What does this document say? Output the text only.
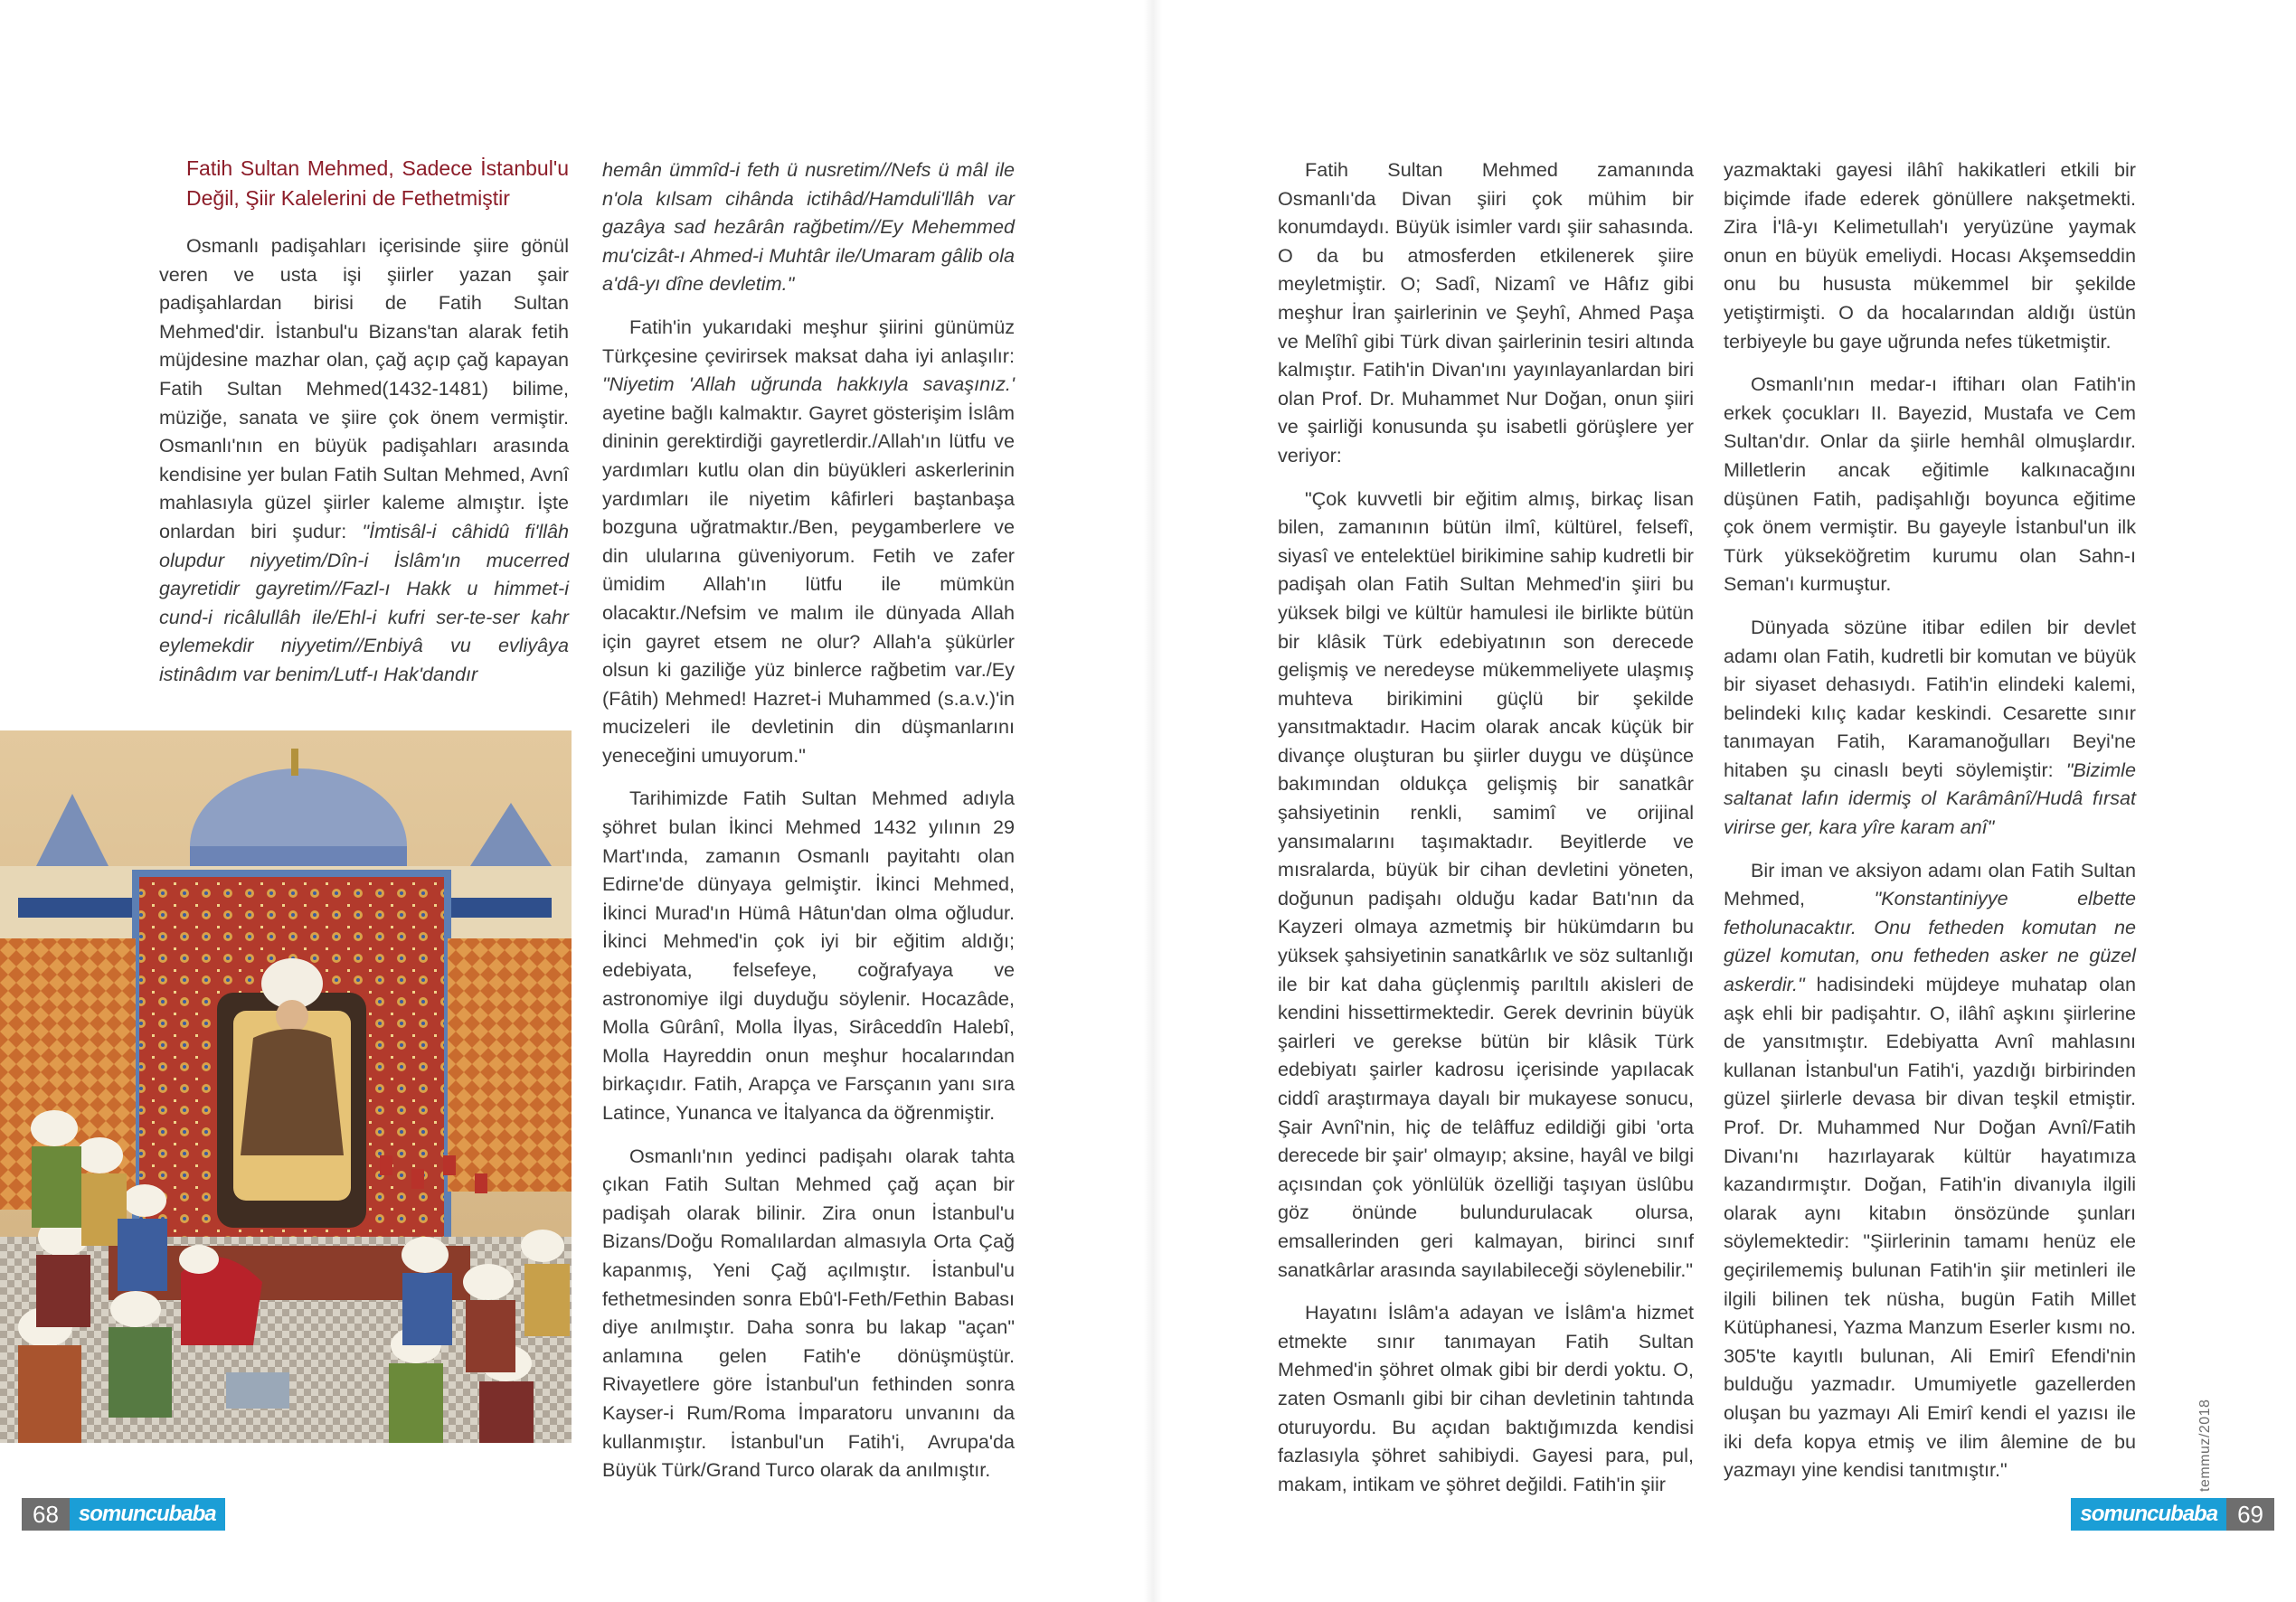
Fatih Sultan Mehmed, Sadece İstanbul'u Değil, Şiir Kalelerini de Fethetmiştir

Osmanlı padişahları içerisinde şiire gönül veren ve usta işi şiirler yazan şair padişahlardan birisi de Fatih Sultan Mehmed'dir. İstanbul'u Bizans'tan alarak fetih müjdesine mazhar olan, çağ açıp çağ kapayan Fatih Sultan Mehmed(1432-1481) bilime, müziğe, sanata ve şiire çok önem vermiştir. Osmanlı'nın en büyük padişahları arasında kendisine yer bulan Fatih Sultan Mehmed, Avnî mahlasıyla güzel şiirler kaleme almıştır. İşte onlardan biri şudur: "İmtisâl-i câhidû fi'llâh olupdur niyyetim/Dîn-i İslâm'ın mucerred gayretidir gayretim//Fazl-ı Hakk u himmet-i cund-i ricâlullâh ile/Ehl-i kufri ser-te-ser kahr eylemekdir niyyetim//Enbiyâ vu evliyâya istinâdım var benim/Lutf-ı Hak'dandır

hemân ümmîd-i feth ü nusretim//Nefs ü mâl ile n'ola kılsam cihânda ictihâd/Hamduli'llâh var gazâya sad hezârân rağbetim//Ey Mehemmed mu'cizât-ı Ahmed-i Muhtâr ile/Umaram gâlib ola a'dâ-yı dîne devletim."

Fatih'in yukarıdaki meşhur şiirini günümüz Türkçesine çevirirsek maksat daha iyi anlaşılır: "Niyetim 'Allah uğrunda hakkıyla savaşınız.' ayetine bağlı kalmaktır. Gayret gösterişim İslâm dininin gerektirdiği gayretlerdir./Allah'ın lütfu ve yardımları kutlu olan din büyükleri askerlerinin yardımları ile niyetim kâfirleri baştanbaşa bozguna uğratmaktır./Ben, peygamberlere ve din ulularına güveniyorum. Fetih ve zafer ümidim Allah'ın lütfu ile mümkün olacaktır./Nefsim ve malım ile dünyada Allah için gayret etsem ne olur? Allah'a şükürler olsun ki gaziliğe yüz binlerce rağbetim var./Ey (Fâtih) Mehmed! Hazret-i Muhammed (s.a.v.)'in mucizeleri ile devletinin din düşmanlarını yeneceğini umuyorum."

Tarihimizde Fatih Sultan Mehmed adıyla şöhret bulan İkinci Mehmed 1432 yılının 29 Mart'ında, zamanın Osmanlı payitahtı olan Edirne'de dünyaya gelmiştir. İkinci Mehmed, İkinci Murad'ın Hümâ Hâtun'dan olma oğludur. İkinci Mehmed'in çok iyi bir eğitim aldığı; edebiyata, felsefeye, coğrafyaya ve astronomiye ilgi duyduğu söylenir. Hocazâde, Molla Gûrânî, Molla İlyas, Sirâceddîn Halebî, Molla Hayreddin onun meşhur hocalarından birkaçıdır. Fatih, Arapça ve Farsçanın yanı sıra Latince, Yunanca ve İtalyanca da öğrenmiştir.

Osmanlı'nın yedinci padişahı olarak tahta çıkan Fatih Sultan Mehmed çağ açan bir padişah olarak bilinir. Zira onun İstanbul'u Bizans/Doğu Romalılardan almasıyla Orta Çağ kapanmış, Yeni Çağ açılmıştır. İstanbul'u fethetmesinden sonra Ebû'l-Feth/Fethin Babası diye anılmıştır. Daha sonra bu lakap "açan" anlamına gelen Fatih'e dönüşmüştür. Rivayetlere göre İstanbul'un fethinden sonra Kayser-i Rum/Roma İmparatoru unvanını da kullanmıştır. İstanbul'un Fatih'i, Avrupa'da Büyük Türk/Grand Turco olarak da anılmıştır.

Fatih Sultan Mehmed zamanında Osmanlı'da Divan şiiri çok mühim bir konumdaydı. Büyük isimler vardı şiir sahasında. O da bu atmosferden etkilenerek şiire meyletmiştir. O; Sadî, Nizamî ve Hâfız gibi meşhur İran şairlerinin ve Şeyhî, Ahmed Paşa ve Melîhî gibi Türk divan şairlerinin tesiri altında kalmıştır. Fatih'in Divan'ını yayınlayanlardan biri olan Prof. Dr. Muhammet Nur Doğan, onun şiiri ve şairliği konusunda şu isabetli görüşlere yer veriyor:

"Çok kuvvetli bir eğitim almış, birkaç lisan bilen, zamanının bütün ilmî, kültürel, felsefî, siyasî ve entelektüel birikimine sahip kudretli bir padişah olan Fatih Sultan Mehmed'in şiiri bu yüksek bilgi ve kültür hamulesi ile birlikte bütün bir klâsik Türk edebiyatının son derecede gelişmiş ve neredeyse mükemmeliyete ulaşmış muhteva birikimini güçlü bir şekilde yansıtmaktadır. Hacim olarak ancak küçük bir divançe oluşturan bu şiirler duygu ve düşünce bakımından oldukça gelişmiş bir sanatkâr şahsiyetinin renkli, samimî ve orijinal yansımalarını taşımaktadır. Beyitlerde ve mısralarda, büyük bir cihan devletini yöneten, doğunun padişahı olduğu kadar Batı'nın da Kayzeri olmaya azmetmiş bir hükümdarın bu yüksek şahsiyetinin sanatkârlık ve söz sultanlığı ile bir kat daha güçlenmiş parıltılı akisleri de kendini hissettirmektedir. Gerek devrinin büyük şairleri ve gerekse bütün bir klâsik Türk edebiyatı şairler kadrosu içerisinde yapılacak ciddî araştırmaya dayalı bir mukayese sonucu, Şair Avnî'nin, hiç de telâffuz edildiği gibi 'orta derecede bir şair' olmayıp; aksine, hayâl ve bilgi açısından çok yönlülük özelliği taşıyan üslûbu göz önünde bulundurulacak olursa, emsallerinden geri kalmayan, birinci sınıf sanatkârlar arasında sayılabileceği söylenebilir."

Hayatını İslâm'a adayan ve İslâm'a hizmet etmekte sınır tanımayan Fatih Sultan Mehmed'in şöhret olmak gibi bir derdi yoktu. O, zaten Osmanlı gibi bir cihan devletinin tahtında oturuyordu. Bu açıdan baktığımızda kendisi fazlasıyla şöhret sahibiydi. Gayesi para, pul, makam, intikam ve şöhret değildi. Fatih'in şiir

yazmaktaki gayesi ilâhî hakikatleri etkili bir biçimde ifade ederek gönüllere nakşetmekti. Zira İ'lâ-yı Kelimetullah'ı yeryüzüne yaymak onun en büyük emeliydi. Hocası Akşemseddin onu bu hususta mükemmel bir şekilde yetiştirmişti. O da hocalarından aldığı üstün terbiyeyle bu gaye uğrunda nefes tüketmiştir.

Osmanlı'nın medar-ı iftiharı olan Fatih'in erkek çocukları II. Bayezid, Mustafa ve Cem Sultan'dır. Onlar da şiirle hemhâl olmuşlardır. Milletlerin ancak eğitimle kalkınacağını düşünen Fatih, padişahlığı boyunca eğitime çok önem vermiştir. Bu gayeyle İstanbul'un ilk Türk yükseköğretim kurumu olan Sahn-ı Seman'ı kurmuştur.

Dünyada sözüne itibar edilen bir devlet adamı olan Fatih, kudretli bir komutan ve büyük bir siyaset dehasıydı. Fatih'in elindeki kalemi, belindeki kılıç kadar keskindi. Cesarette sınır tanımayan Fatih, Karamanoğulları Beyi'ne hitaben şu cinaslı beyti söylemiştir: "Bizimle saltanat lafın idermiş ol Karâmânî/Hudâ fırsat virirse ger, kara yîre karam anî"

Bir iman ve aksiyon adamı olan Fatih Sultan Mehmed,	"Konstantiniyye elbette fetholunacaktır. Onu fetheden komutan ne güzel komutan, onu fetheden asker ne güzel askerdir." hadisindeki müjdeye muhatap olan aşk ehli bir padişahtır. O, ilâhî aşkını şiirlerine de yansıtmıştır. Edebiyatta Avnî mahlasını kullanan İstanbul'un Fatih'i, yazdığı birbirinden güzel şiirlerle devasa bir divan teşkil etmiştir. Prof. Dr. Muhammed Nur Doğan Avnî/Fatih Divanı'nı hazırlayarak kültür hayatımıza kazandırmıştır. Doğan, Fatih'in divanıyla ilgili olarak aynı kitabın önsözünde şunları söylemektedir: "Şiirlerinin tamamı henüz ele geçirilememiş bulunan Fatih'in şiir metinleri ile ilgili bilinen tek nüsha, bugün Fatih Millet Kütüphanesi, Yazma Manzum Eserler kısmı no. 305'te kayıtlı bulunan, Ali Emirî Efendi'nin bulduğu yazmadır. Umumiyetle gazellerden oluşan bu yazmayı Ali Emirî kendi el yazısı ile iki defa kopya etmiş ve ilim âlemine de bu yazmayı yine kendisi tanıtmıştır."

68 somuncubaba
temmuz/2018
somuncubaba 69
